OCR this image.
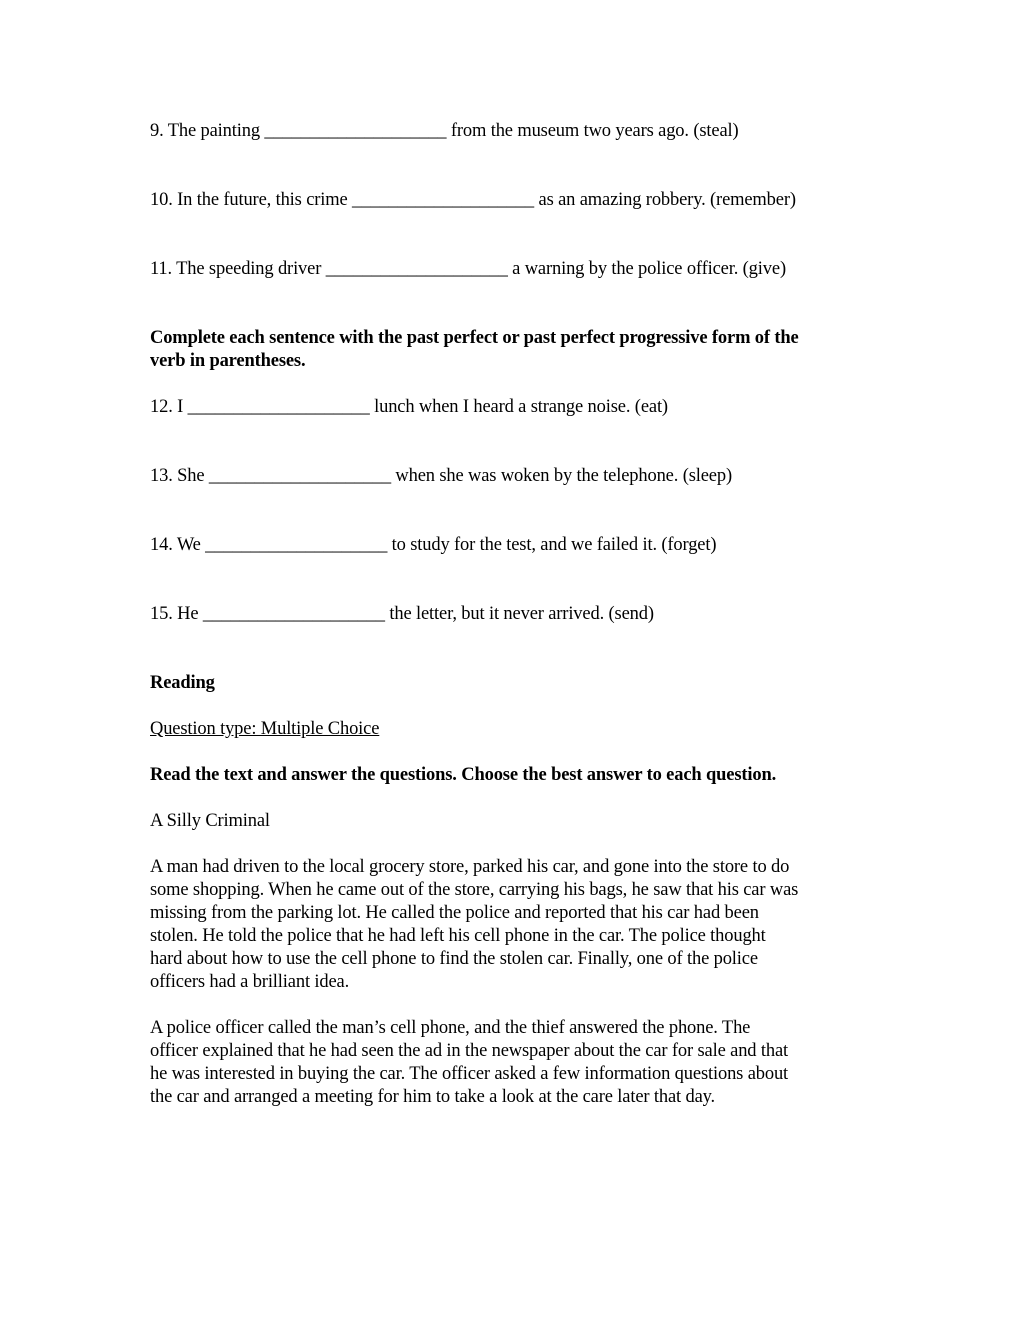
9. The painting ____________________ from the museum two years ago. (steal)
10. In the future, this crime ____________________ as an amazing robbery. (remember)
11. The speeding driver ____________________ a warning by the police officer. (give)
Complete each sentence with the past perfect or past perfect progressive form of the
verb in parentheses.
12. I ____________________ lunch when I heard a strange noise. (eat)
13. She ____________________ when she was woken by the telephone. (sleep)
14. We ____________________ to study for the test, and we failed it. (forget)
15. He ____________________ the letter, but it never arrived. (send)
Reading
Question type: Multiple Choice
Read the text and answer the questions. Choose the best answer to each question.
A Silly Criminal
A man had driven to the local grocery store, parked his car, and gone into the store to do
some shopping. When he came out of the store, carrying his bags, he saw that his car was
missing from the parking lot. He called the police and reported that his car had been
stolen. He told the police that he had left his cell phone in the car. The police thought
hard about how to use the cell phone to find the stolen car. Finally, one of the police
officers had a brilliant idea.
A police officer called the man’s cell phone, and the thief answered the phone. The
officer explained that he had seen the ad in the newspaper about the car for sale and that
he was interested in buying the car. The officer asked a few information questions about
the car and arranged a meeting for him to take a look at the care later that day.
